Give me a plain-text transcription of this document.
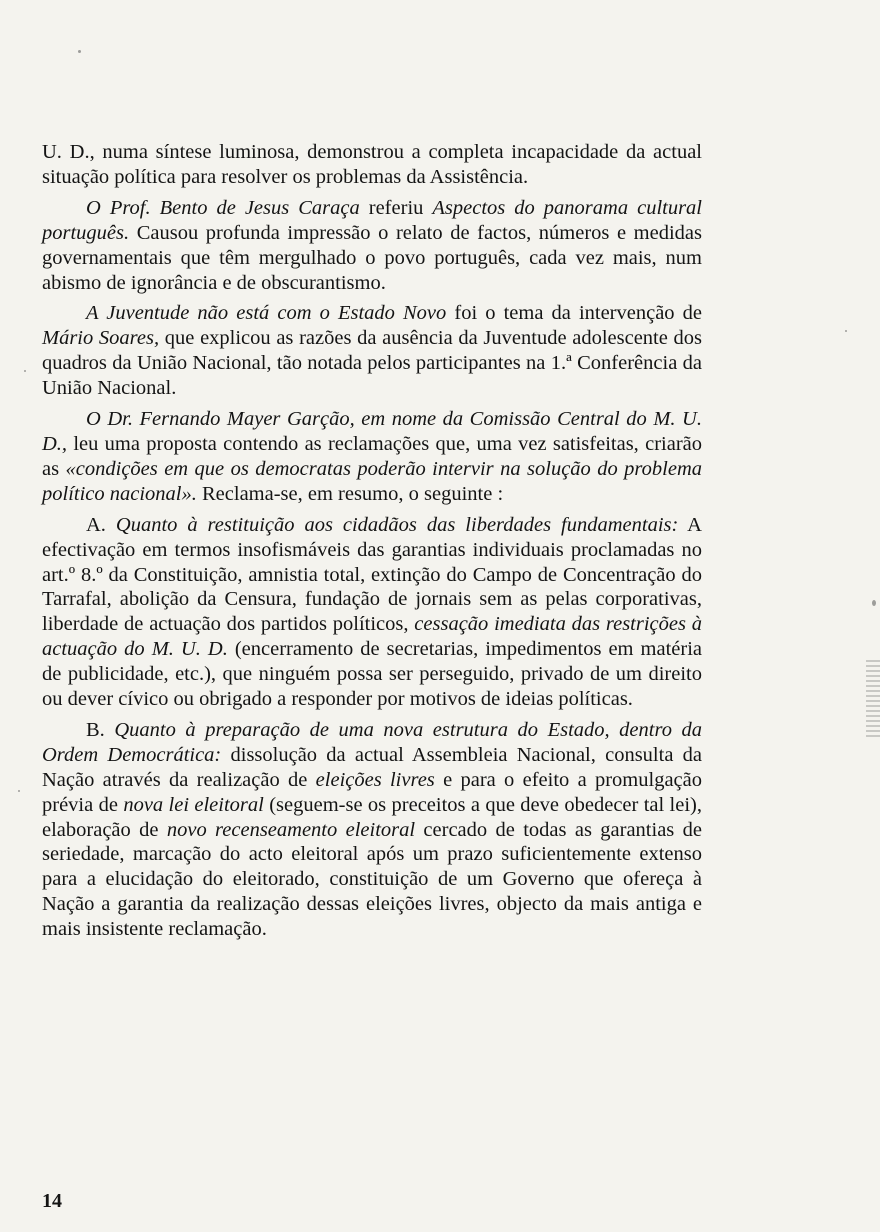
U. D., numa síntese luminosa, demonstrou a completa incapacidade da actual situação política para resolver os problemas da Assistência.

O Prof. Bento de Jesus Caraça referiu Aspectos do panorama cultural português. Causou profunda impressão o relato de factos, números e medidas governamentais que têm mergulhado o povo português, cada vez mais, num abismo de ignorância e de obscurantismo.

A Juventude não está com o Estado Novo foi o tema da intervenção de Mário Soares, que explicou as razões da ausência da Juventude adolescente dos quadros da União Nacional, tão notada pelos participantes na 1.ª Conferência da União Nacional.

O Dr. Fernando Mayer Garção, em nome da Comissão Central do M. U. D., leu uma proposta contendo as reclamações que, uma vez satisfeitas, criarão as «condições em que os democratas poderão intervir na solução do problema político nacional». Reclama-se, em resumo, o seguinte :

A. Quanto à restituição aos cidadãos das liberdades fundamentais: A efectivação em termos insofismáveis das garantias individuais proclamadas no art.º 8.º da Constituição, amnistia total, extinção do Campo de Concentração do Tarrafal, abolição da Censura, fundação de jornais sem as pelas corporativas, liberdade de actuação dos partidos políticos, cessação imediata das restrições à actuação do M. U. D. (encerramento de secretarias, impedimentos em matéria de publicidade, etc.), que ninguém possa ser perseguido, privado de um direito ou dever cívico ou obrigado a responder por motivos de ideias políticas.

B. Quanto à preparação de uma nova estrutura do Estado, dentro da Ordem Democrática: dissolução da actual Assembleia Nacional, consulta da Nação através da realização de eleições livres e para o efeito a promulgação prévia de nova lei eleitoral (seguem-se os preceitos a que deve obedecer tal lei), elaboração de novo recenseamento eleitoral cercado de todas as garantias de seriedade, marcação do acto eleitoral após um prazo suficientemente extenso para a elucidação do eleitorado, constituição de um Governo que ofereça à Nação a garantia da realização dessas eleições livres, objecto da mais antiga e mais insistente reclamação.

14
